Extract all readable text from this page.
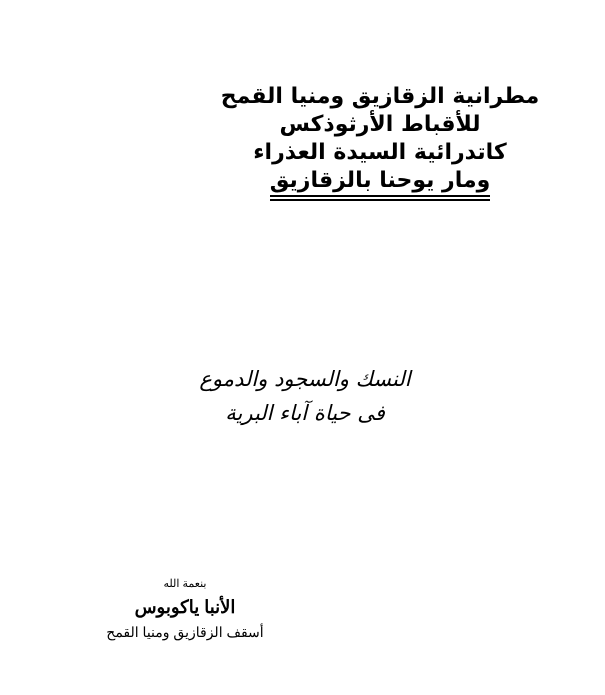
مطرانية الزقازيق ومنيا القمح
للأقباط الأرثوذكس
كاتدرائية السيدة العذراء
ومار يوحنا بالزقازيق
النسك والسجود والدموع
فى حياة آباء البرية
بنعمة الله
الأنبا ياكوبوس
أسقف الزقازيق ومنيا القمح
